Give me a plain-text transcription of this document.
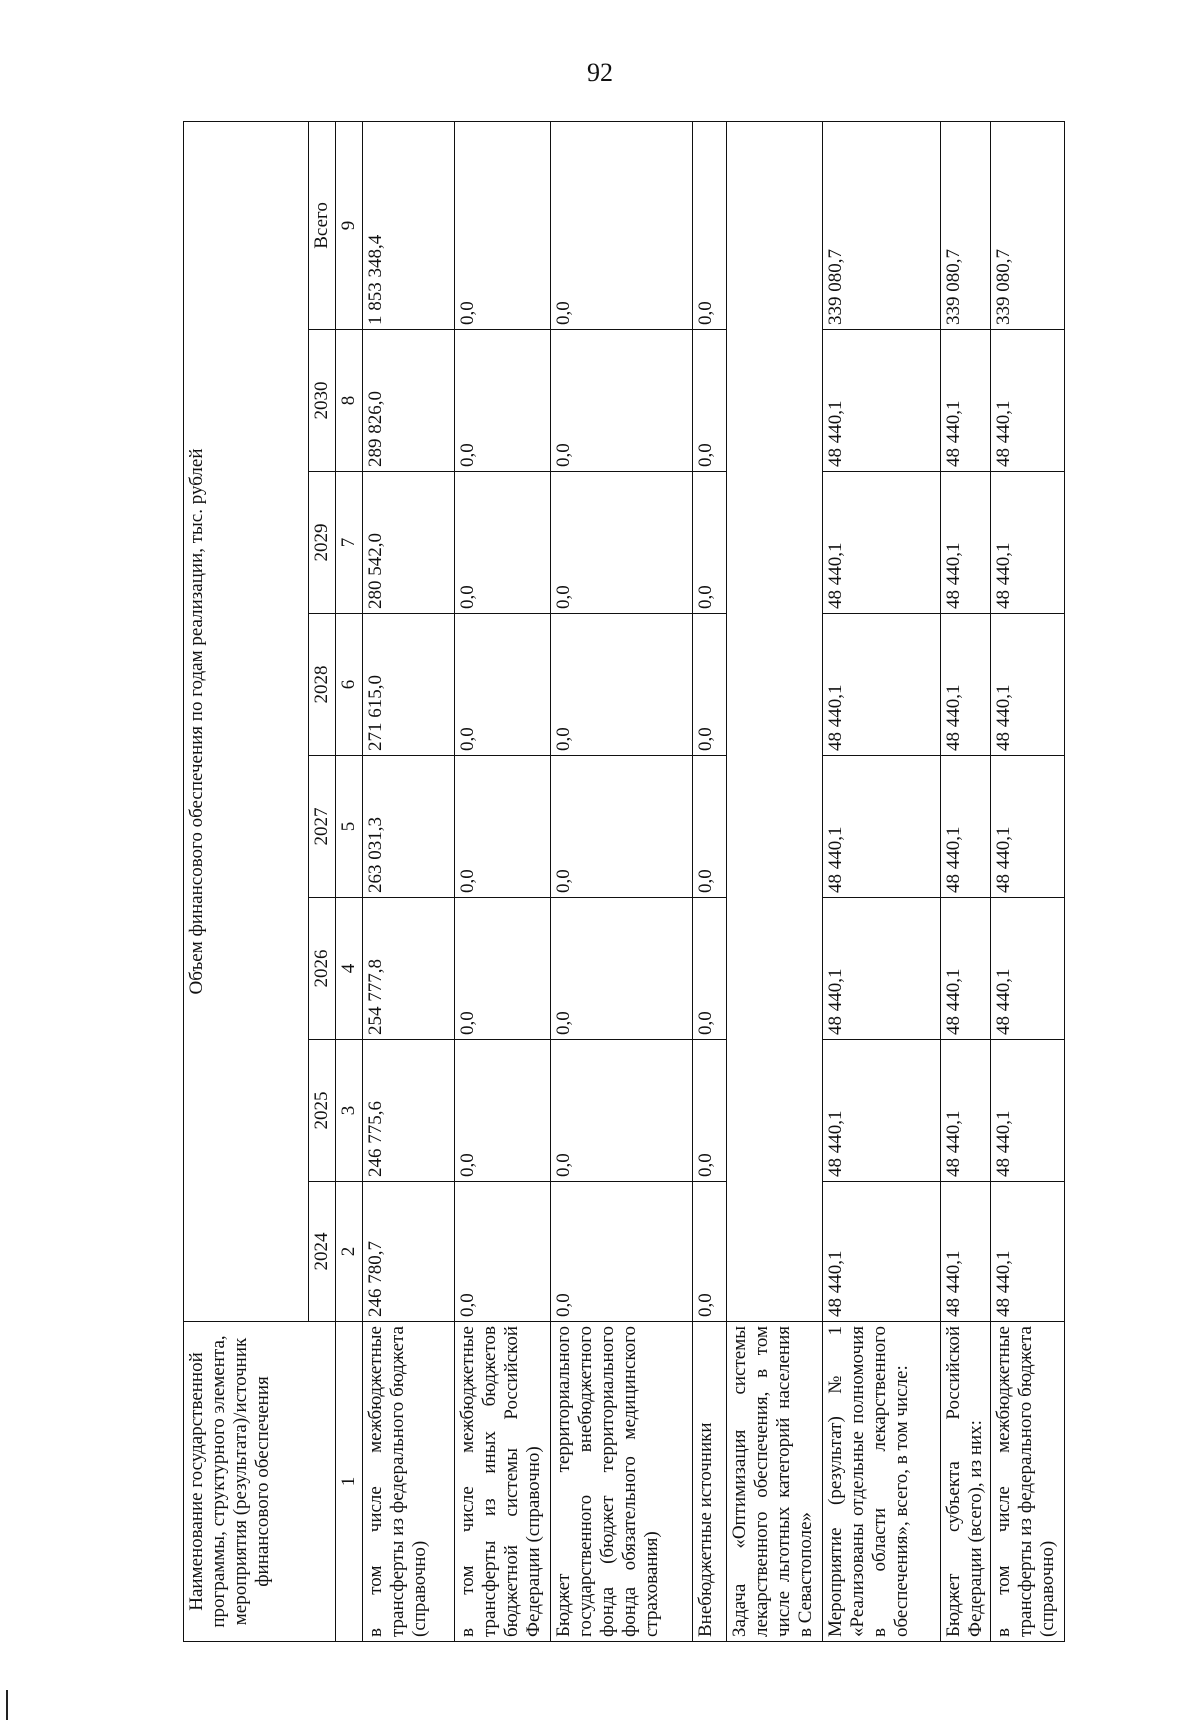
92
Наименование государственной программы, структурного элемента, мероприятия (результата)/источник финансового обеспечения	Объем финансового обеспечения по годам реализации, тыс. рублей							
	2024	2025	2026	2027	2028	2029	2030	Всего
1	2	3	4	5	6	7	8	9
в том числе межбюджетные трансферты из федерального бюджета (справочно)	246 780,7	246 775,6	254 777,8	263 031,3	271 615,0	280 542,0	289 826,0	1 853 348,4
в том числе межбюджетные трансферты из иных бюджетов бюджетной системы Российской Федерации (справочно)	0,0	0,0	0,0	0,0	0,0	0,0	0,0	0,0
Бюджет территориального государственного внебюджетного фонда (бюджет территориального фонда обязательного медицинского страхования)	0,0	0,0	0,0	0,0	0,0	0,0	0,0	0,0
Внебюджетные источники	0,0	0,0	0,0	0,0	0,0	0,0	0,0	0,0
Задача «Оптимизация системы лекарственного обеспечения, в том числе льготных категорий населения в Севастополе»								
Мероприятие (результат) № 1 «Реализованы отдельные полномочия в области лекарственного обеспечения», всего, в том числе:	48 440,1	48 440,1	48 440,1	48 440,1	48 440,1	48 440,1	48 440,1	339 080,7
Бюджет субъекта Российской Федерации (всего), из них:	48 440,1	48 440,1	48 440,1	48 440,1	48 440,1	48 440,1	48 440,1	339 080,7
в том числе межбюджетные трансферты из федерального бюджета (справочно)	48 440,1	48 440,1	48 440,1	48 440,1	48 440,1	48 440,1	48 440,1	339 080,7
